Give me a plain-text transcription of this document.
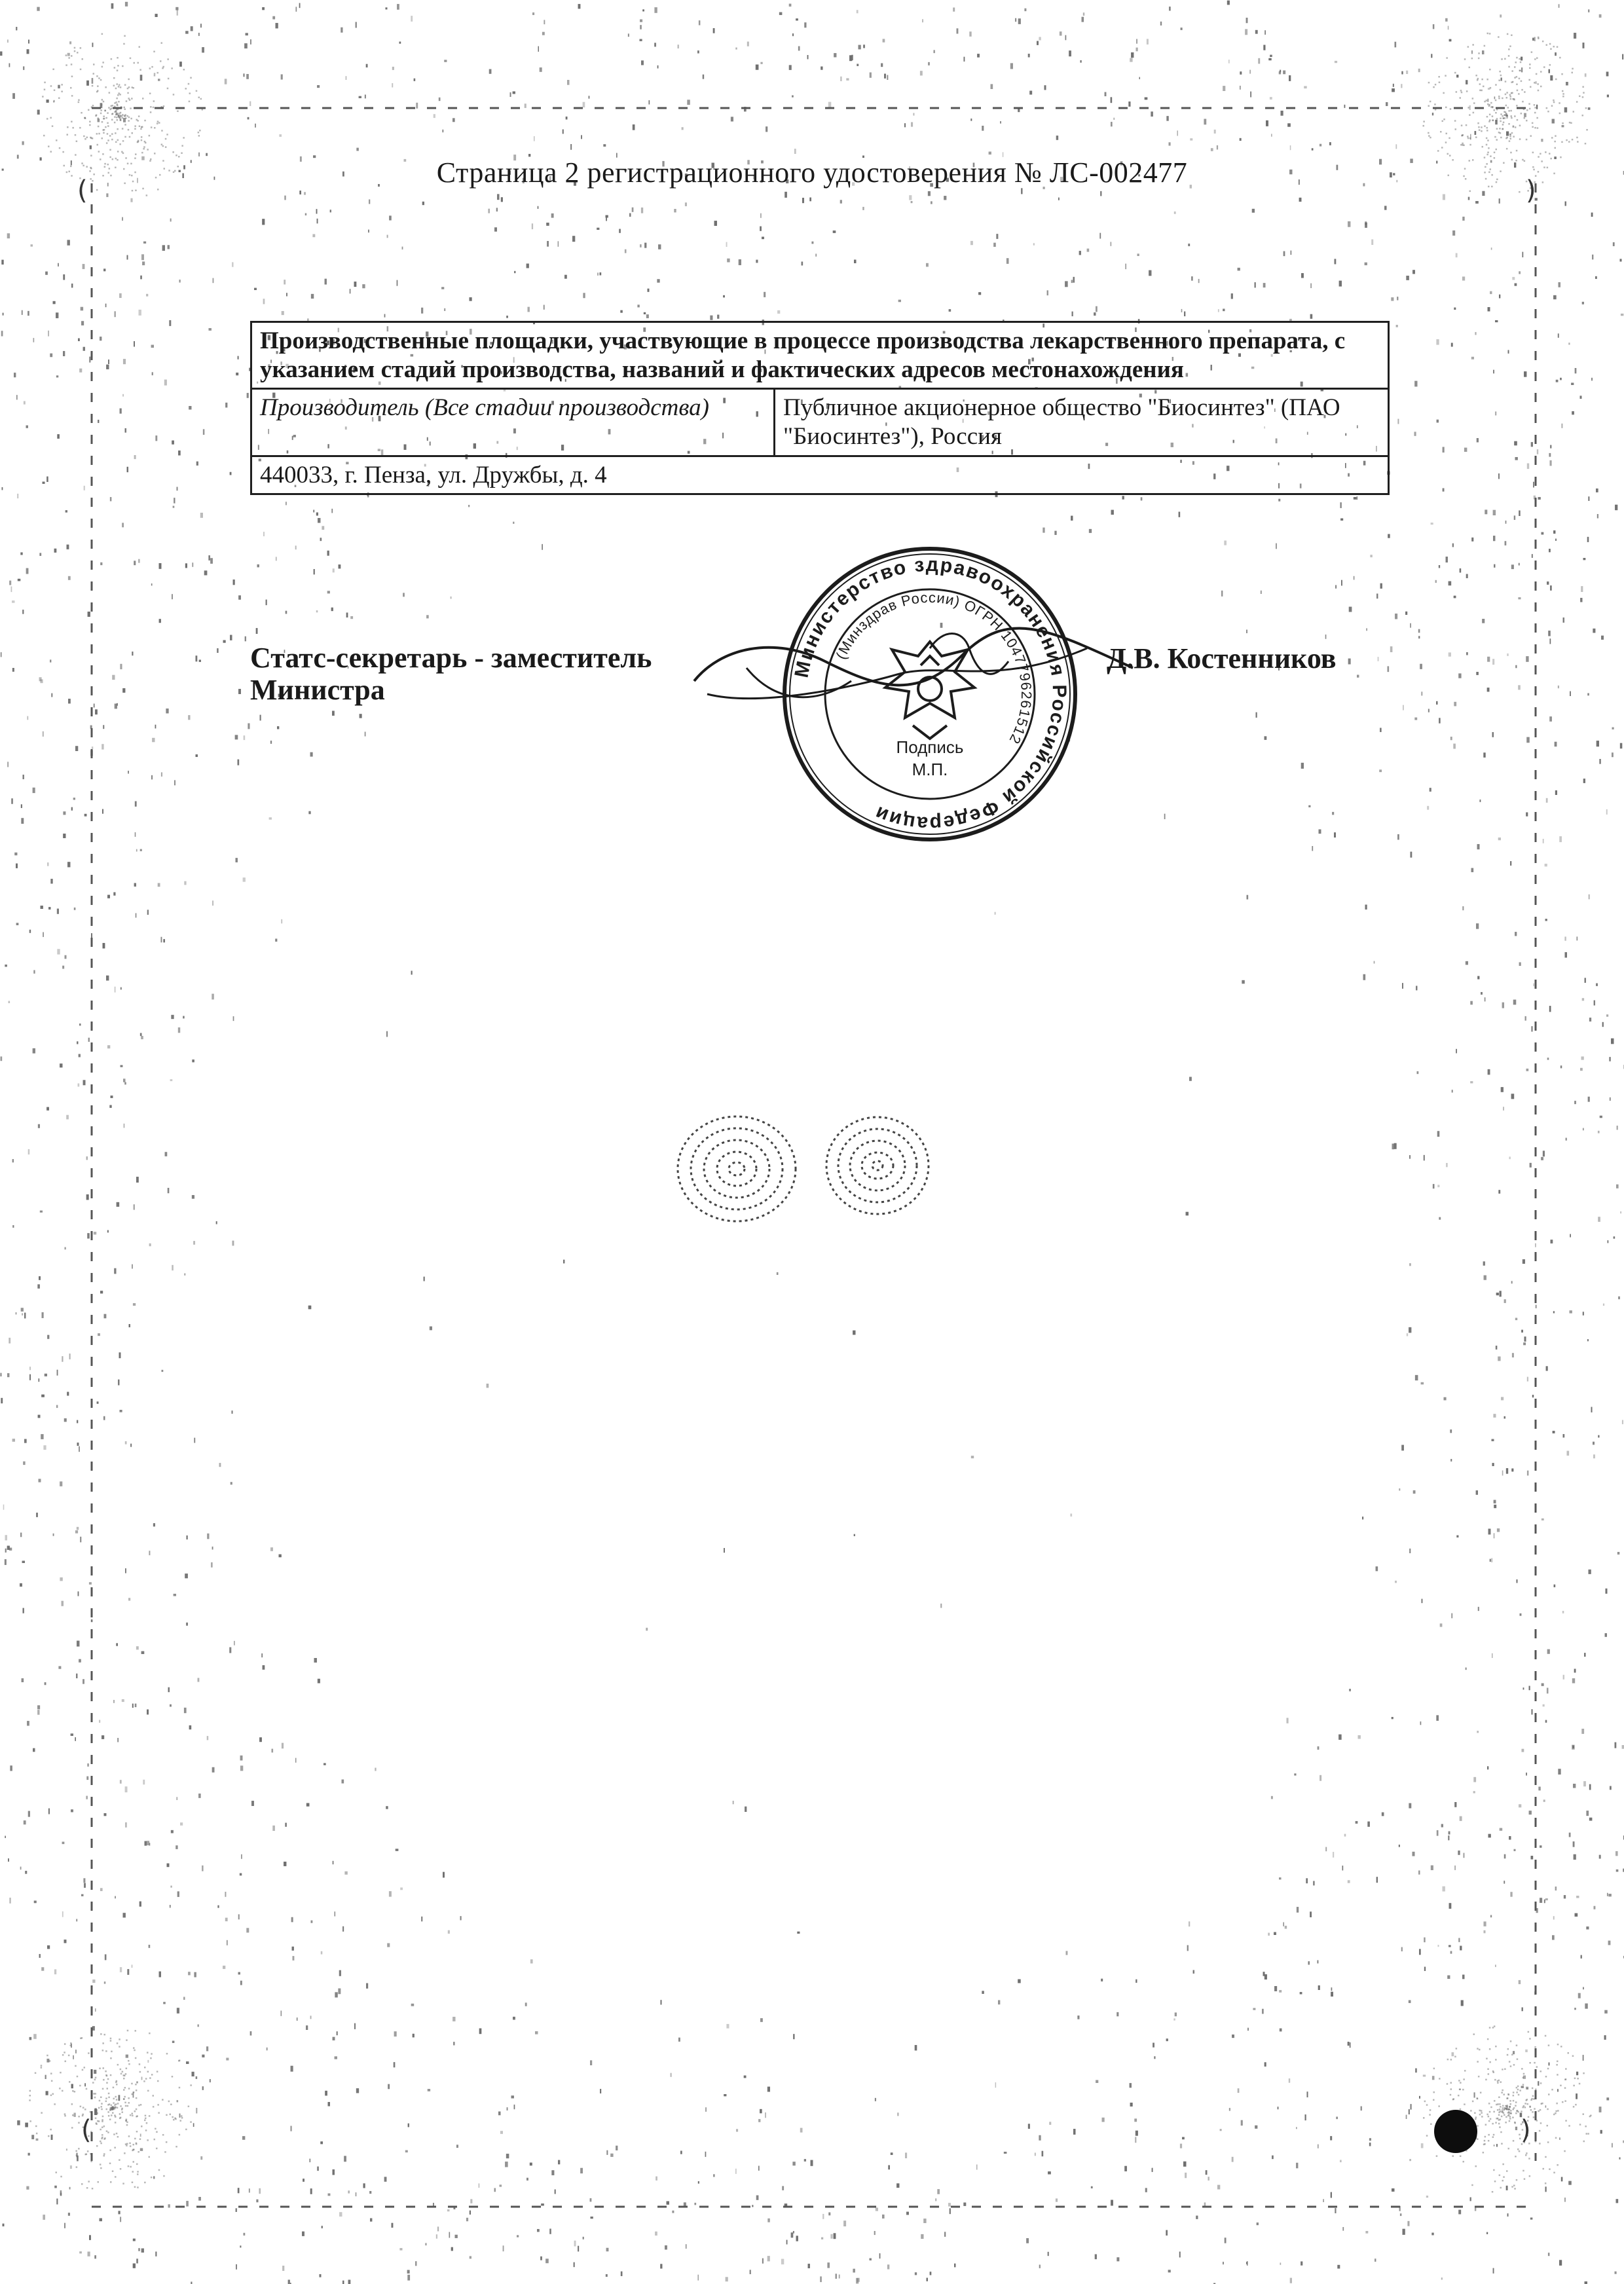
(	)
(	)
Страница 2 регистрационного удостоверения № ЛС-002477
Производственные площадки, участвующие в процессе производства лекарственного препарата, с указанием стадий производства, названий и фактических адресов местонахождения
Производитель (Все стадии производства)	Публичное акционерное общество "Биосинтез" (ПАО "Биосинтез"), Россия
440033, г. Пенза, ул. Дружбы, д. 4
Статс-секретарь - заместитель Министра
Д.В. Костенников
Министерство здравоохранения Российской Федерации
(Минздрав России) ОГРН 1047796261512
Подпись
М.П.
